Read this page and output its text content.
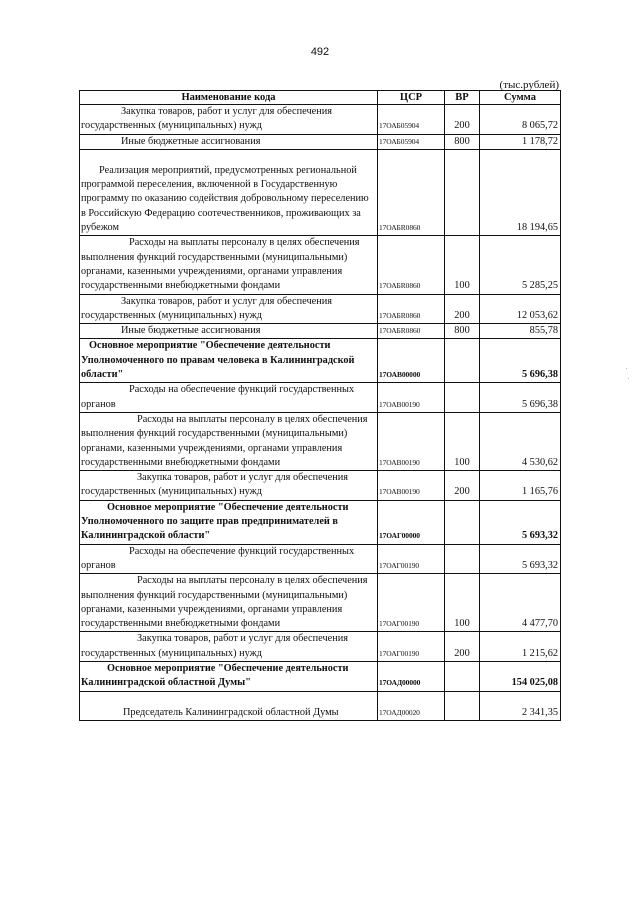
492
(тыс.рублей)
Наименование кода	ЦСР	ВР	Сумма

Закупка товаров, работ и услуг для обеспечения государственных (муниципальных) нужд	17ОАБ05904	200	8 065,72

Иные бюджетные ассигнования	17ОАБ05904	800	1 178,72

Реализация мероприятий, предусмотренных региональной программой переселения, включенной в Государственную программу по оказанию содействия добровольному переселению в Российскую Федерацию соотечественников, проживающих за рубежом	17ОАБR0860		18 194,65

Расходы на выплаты персоналу в целях обеспечения выполнения функций государственными (муниципальными) органами, казенными учреждениями, органами управления государственными внебюджетными фондами	17ОАБR0860	100	5 285,25

Закупка товаров, работ и услуг для обеспечения государственных (муниципальных) нужд	17ОАБR0860	200	12 053,62

Иные бюджетные ассигнования	17ОАБR0860	800	855,78

Основное мероприятие "Обеспечение деятельности Уполномоченного по правам человека в Калининградской области"	17ОАВ00000		5 696,38

Расходы на обеспечение функций государственных органов	17ОАВ00190		5 696,38

Расходы на выплаты персоналу в целях обеспечения выполнения функций государственными (муниципальными) органами, казенными учреждениями, органами управления государственными внебюджетными фондами	17ОАВ00190	100	4 530,62

Закупка товаров, работ и услуг для обеспечения государственных (муниципальных) нужд	17ОАВ00190	200	1 165,76

Основное мероприятие "Обеспечение деятельности Уполномоченного по защите прав предпринимателей в Калининградской области"	17ОАГ00000		5 693,32

Расходы на обеспечение функций государственных органов	17ОАГ00190		5 693,32

Расходы на выплаты персоналу в целях обеспечения выполнения функций государственными (муниципальными) органами, казенными учреждениями, органами управления государственными внебюджетными фондами	17ОАГ00190	100	4 477,70

Закупка товаров, работ и услуг для обеспечения государственных (муниципальных) нужд	17ОАГ00190	200	1 215,62

Основное мероприятие "Обеспечение деятельности Калининградской областной Думы"	17ОАД00000		154 025,08

Председатель Калининградской областной Думы	17ОАД00020		2 341,35
